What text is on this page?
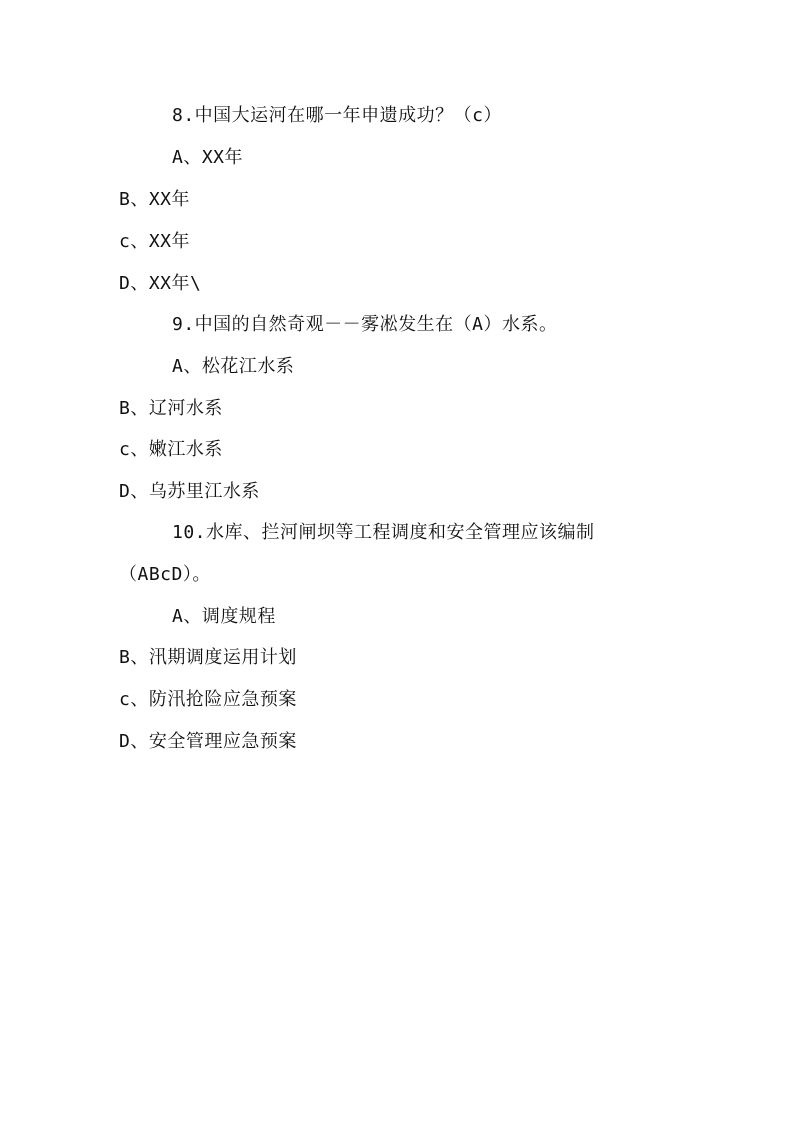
8.中国大运河在哪一年申遗成功？（c）
A、XX年
B、XX年
c、XX年
D、XX年\
9.中国的自然奇观－－雾凇发生在（A）水系。
A、松花江水系
B、辽河水系
c、嫩江水系
D、乌苏里江水系
10.水库、拦河闸坝等工程调度和安全管理应该编制
（ABcD）。
A、调度规程
B、汛期调度运用计划
c、防汛抢险应急预案
D、安全管理应急预案
